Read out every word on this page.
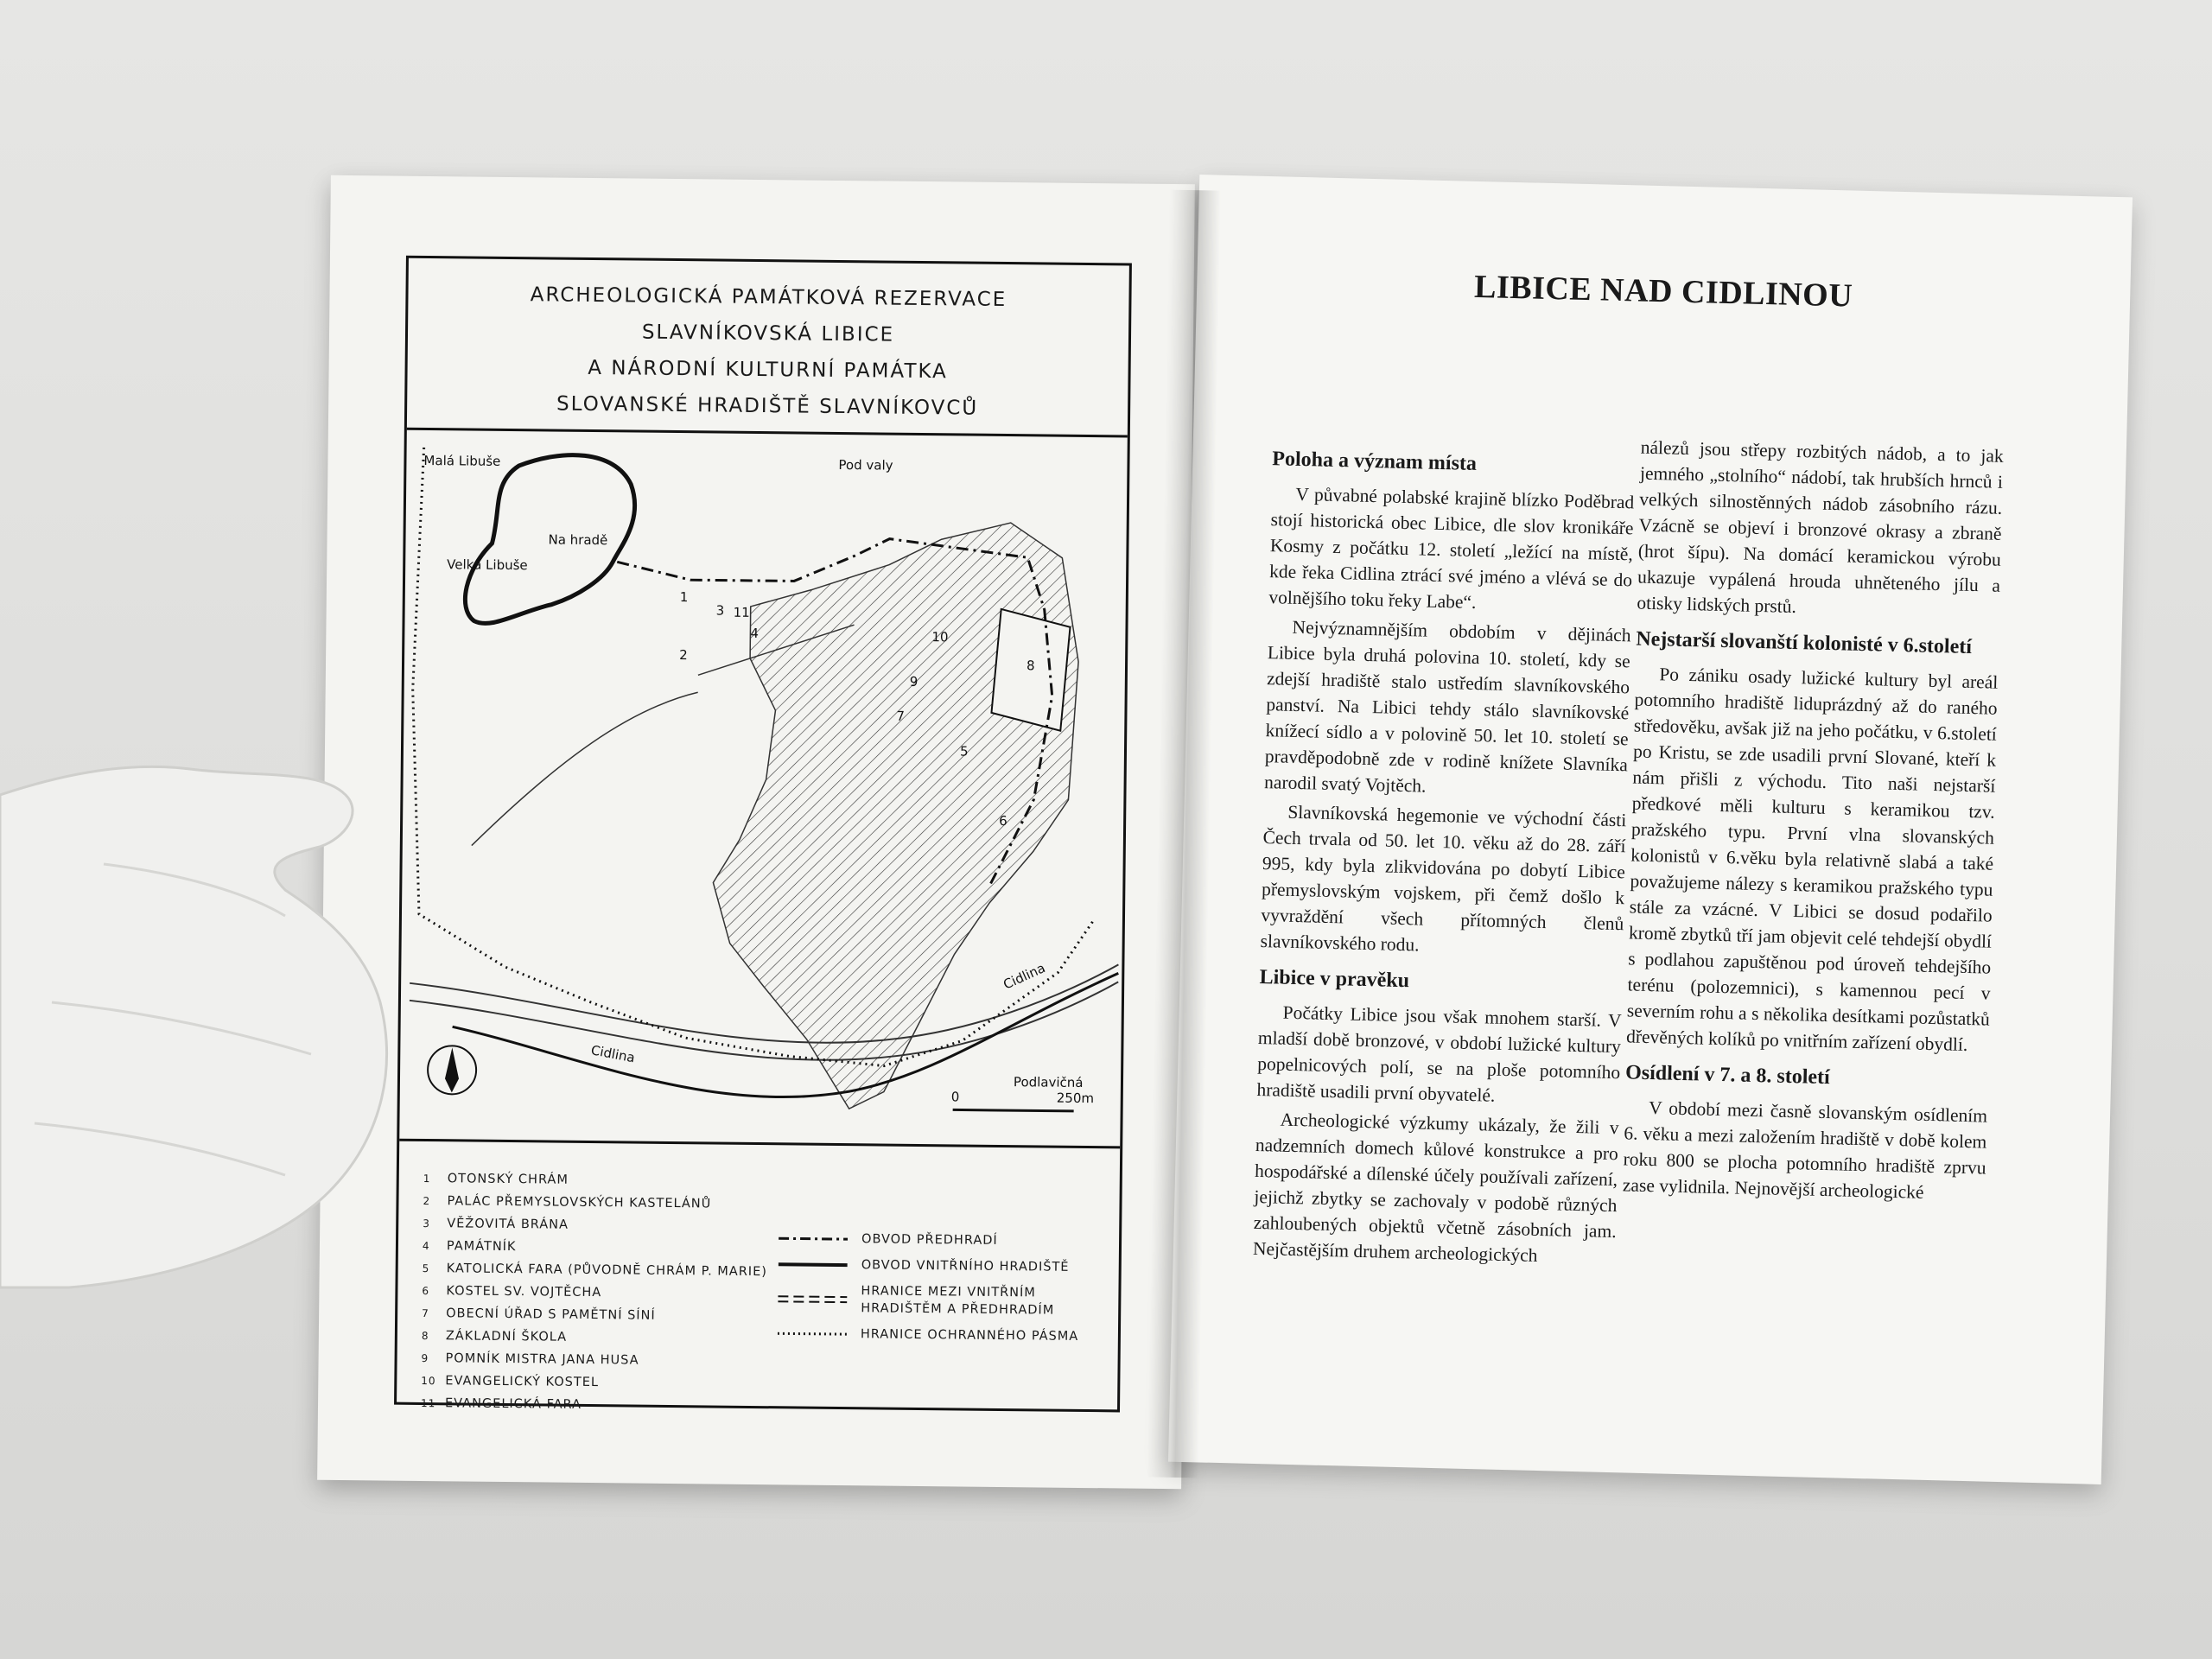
ARCHEOLOGICKÁ PAMÁTKOVÁ REZERVACE
SLAVNÍKOVSKÁ LIBICE
A NÁRODNÍ KULTURNÍ PAMÁTKA
SLOVANSKÉ HRADIŠTĚ SLAVNÍKOVCŮ
Malá Libuše	Pod valy
Na hradě
Velká Libuše
Cidlina
Cidlina
Podlavičná
0	250m
1
2
3 11
4
5
6
7
8
9
10
1	OTONSKÝ CHRÁM
2	PALÁC PŘEMYSLOVSKÝCH KASTELÁNŮ
3	VĚŽOVITÁ BRÁNA
4	PAMÁTNÍK
5	KATOLICKÁ FARA (PŮVODNĚ CHRÁM P. MARIE)
6	KOSTEL SV. VOJTĚCHA
7	OBECNÍ ÚŘAD S PAMĚTNÍ SÍNÍ
8	ZÁKLADNÍ ŠKOLA
9	POMNÍK MISTRA JANA HUSA
10 EVANGELICKÝ KOSTEL
11 EVANGELICKÁ FARA
OBVOD PŘEDHRADÍ
OBVOD VNITŘNÍHO HRADIŠTĚ
HRANICE MEZI VNITŘNÍM HRADIŠTĚM A PŘEDHRADÍM
HRANICE OCHRANNÉHO PÁSMA
LIBICE NAD CIDLINOU
Poloha a význam místa
V půvabné polabské krajině blízko Poděbrad stojí historická obec Libice, dle slov kronikáře Kosmy z počátku 12. století „ležící na místě, kde řeka Cidlina ztrácí své jméno a vlévá se do volnějšího toku řeky Labe“.
Nejvýznamnějším obdobím v dějinách Libice byla druhá polovina 10. století, kdy se zdejší hradiště stalo ustředím slavníkovského panství. Na Libici tehdy stálo slavníkovské knížecí sídlo a v polovině 50. let 10. století se pravděpodobně zde v rodině knížete Slavníka narodil svatý Vojtěch.
Slavníkovská hegemonie ve východní části Čech trvala od 50. let 10. věku až do 28. září 995, kdy byla zlikvidována po dobytí Libice přemyslovským vojskem, při čemž došlo k vyvraždění všech přítomných členů slavníkovského rodu.
Libice v pravěku
Počátky Libice jsou však mnohem starší. V mladší době bronzové, v období lužické kultury popelnicových polí, se na ploše potomního hradiště usadili první obyvatelé.
Archeologické výzkumy ukázaly, že žili v nadzemních domech kůlové konstrukce a pro hospodářské a dílenské účely používali zařízení, jejichž zbytky se zachovaly v podobě různých zahloubených objektů včetně zásobních jam. Nejčastějším druhem archeologických
nálezů jsou střepy rozbitých nádob, a to jak jemného „stolního“ nádobí, tak hrubších hrnců i velkých silnostěnných nádob zásobního rázu. Vzácně se objeví i bronzové okrasy a zbraně (hrot šípu). Na domácí keramickou výrobu ukazuje vypálená hrouda uhněteného jílu a otisky lidských prstů.
Nejstarší slovanští kolonisté v 6.století
Po zániku osady lužické kultury byl areál potomního hradiště liduprázdný až do raného středověku, avšak již na jeho počátku, v 6.století po Kristu, se zde usadili první Slované, kteří k nám přišli z východu. Tito naši nejstarší předkové měli kulturu s keramikou tzv. pražského typu. První vlna slovanských kolonistů v 6.věku byla relativně slabá a také považujeme nálezy s keramikou pražského typu stále za vzácné. V Libici se dosud podařilo kromě zbytků tří jam objevit celé tehdejší obydlí s podlahou zapuštěnou pod úroveň tehdejšího terénu (polozemnici), s kamennou pecí v severním rohu a s několika desítkami pozůstatků dřevěných kolíků po vnitřním zařízení obydlí.
Osídlení v 7. a 8. století
V období mezi časně slovanským osídlením 6. věku a mezi založením hradiště v době kolem roku 800 se plocha potomního hradiště zprvu zase vylidnila. Nejnovější archeologické
